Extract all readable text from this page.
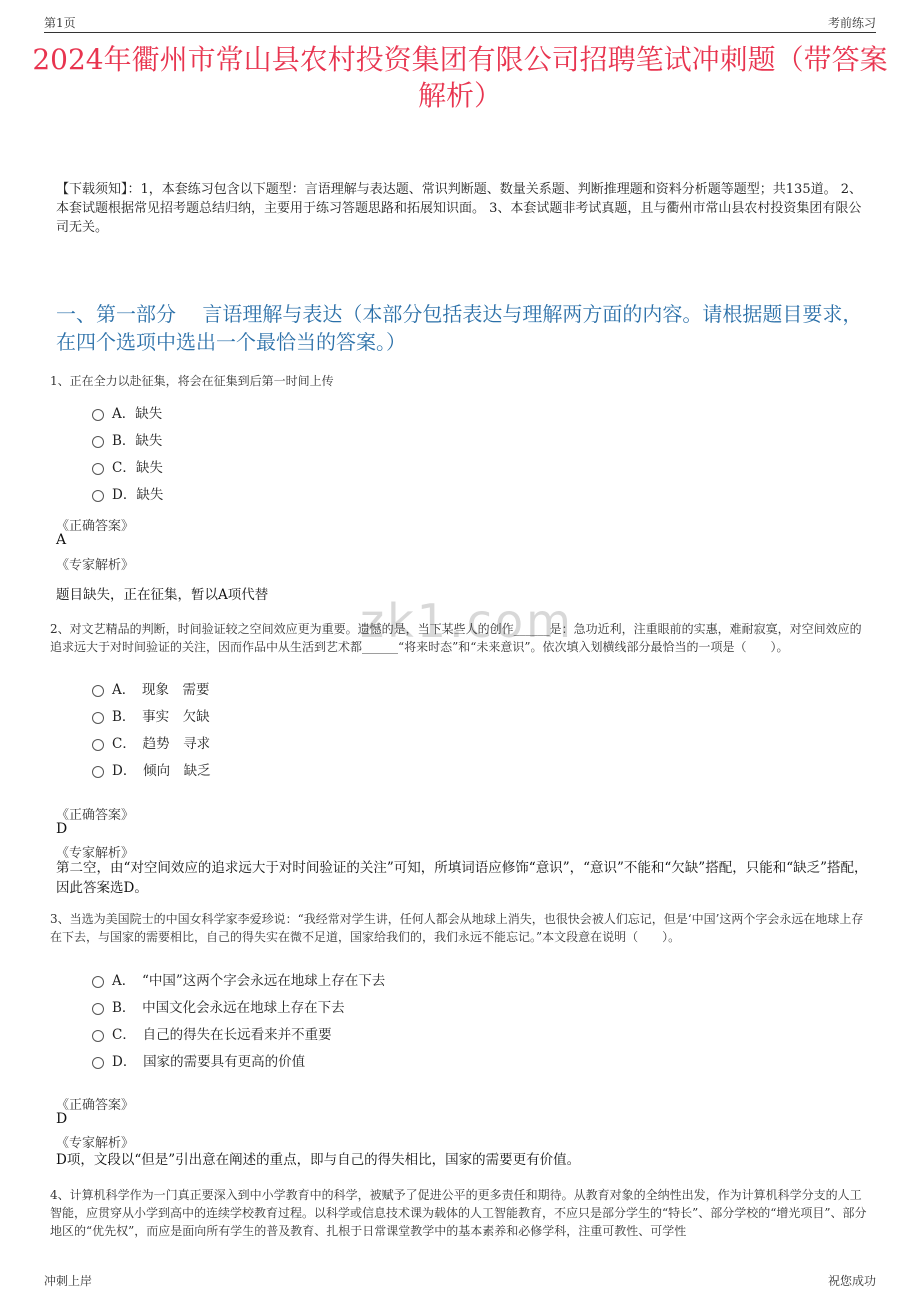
第1页	考前练习
2024年衢州市常山县农村投资集团有限公司招聘笔试冲刺题（带答案解析）
【下载须知】：1，本套练习包含以下题型：言语理解与表达题、常识判断题、数量关系题、判断推理题和资料分析题等题型；共135道。 2、本套试题根据常见招考题总结归纳，主要用于练习答题思路和拓展知识面。 3、本套试题非考试真题，且与衢州市常山县农村投资集团有限公司无关。
一、第一部分　 言语理解与表达（本部分包括表达与理解两方面的内容。请根据题目要求，在四个选项中选出一个最恰当的答案。）
zk1.com
1、正在全力以赴征集，将会在征集到后第一时间上传
A．缺失
B．缺失
C．缺失
D．缺失
《正确答案》
A
《专家解析》
题目缺失，正在征集，暂以A项代替
2、对文艺精品的判断，时间验证较之空间效应更为重要。遗憾的是，当下某些人的创作______是：急功近利，注重眼前的实惠，难耐寂寞，对空间效应的追求远大于对时间验证的关注，因而作品中从生活到艺术都______“将来时态”和“未来意识”。依次填入划横线部分最恰当的一项是（　　）。
A．　现象　需要
B．　事实　欠缺
C．　趋势　寻求
D．　倾向　缺乏
《正确答案》
D
《专家解析》
第二空，由“对空间效应的追求远大于对时间验证的关注”可知，所填词语应修饰“意识”，“意识”不能和“欠缺”搭配，只能和“缺乏”搭配，因此答案选D。
3、当选为美国院士的中国女科学家李爱珍说：“我经常对学生讲，任何人都会从地球上消失，也很快会被人们忘记，但是‘中国’这两个字会永远在地球上存在下去，与国家的需要相比，自己的得失实在微不足道，国家给我们的，我们永远不能忘记。”本文段意在说明（　　）。
A．　“中国”这两个字会永远在地球上存在下去
B．　中国文化会永远在地球上存在下去
C．　自己的得失在长远看来并不重要
D．　国家的需要具有更高的价值
《正确答案》
D
《专家解析》
D项，文段以“但是”引出意在阐述的重点，即与自己的得失相比，国家的需要更有价值。
4、计算机科学作为一门真正要深入到中小学教育中的科学，被赋予了促进公平的更多责任和期待。从教育对象的全纳性出发，作为计算机科学分支的人工智能，应贯穿从小学到高中的连续学校教育过程。以科学或信息技术课为载体的人工智能教育，不应只是部分学生的“特长”、部分学校的“增光项目”、部分地区的“优先权”，而应是面向所有学生的普及教育、扎根于日常课堂教学中的基本素养和必修学科，注重可教性、可学性
冲刺上岸	祝您成功
